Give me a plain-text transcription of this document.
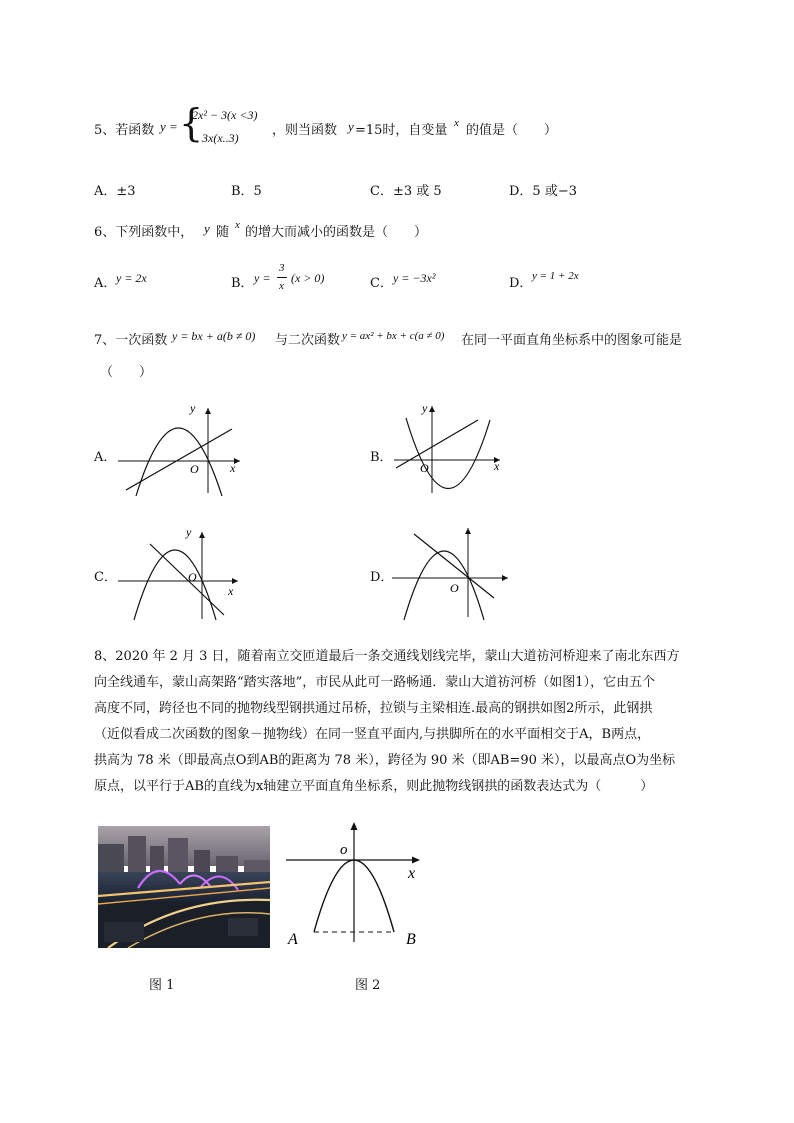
5、若函数 y = {
2x² − 3(x <3)
3x(x..3)	，则当函数 y =15时，自变量 x 的值是（　　）
A．±3	B．5	C．±3 或 5	D．5 或−3
6、下列函数中， y 随 x 的增大而减小的函数是（　　）
A． y = 2x	B． y =
3
x
(x > 0)	C． y = −3x²	D． y = 1 + 2x
7、一次函数 y = bx + a(b ≠ 0) 与二次函数 y = ax² + bx + c(a ≠ 0) 在同一平面直角坐标系中的图象可能是
（　　）
A．	B．
C．	D．
x
y
O	x
y
O
x
y
O
O
8、2020 年 2 月 3 日，随着南立交匝道最后一条交通线划线完毕，蒙山大道祊河桥迎来了南北东西方
向全线通车，蒙山高架路“踏实落地”，市民从此可一路畅通．蒙山大道祊河桥（如图1），它由五个
高度不同，跨径也不同的抛物线型钢拱通过吊桥，拉锁与主梁相连.最高的钢拱如图2所示，此钢拱
（近似看成二次函数的图象－抛物线）在同一竖直平面内,与拱脚所在的水平面相交于A，B两点，
拱高为 78 米（即最高点O到AB的距离为 78 米），跨径为 90 米（即AB=90 米），以最高点O为坐标
原点，以平行于AB的直线为x轴建立平面直角坐标系，则此抛物线钢拱的函数表达式为（　　　）
图 1
o
x
A	B
图 2
